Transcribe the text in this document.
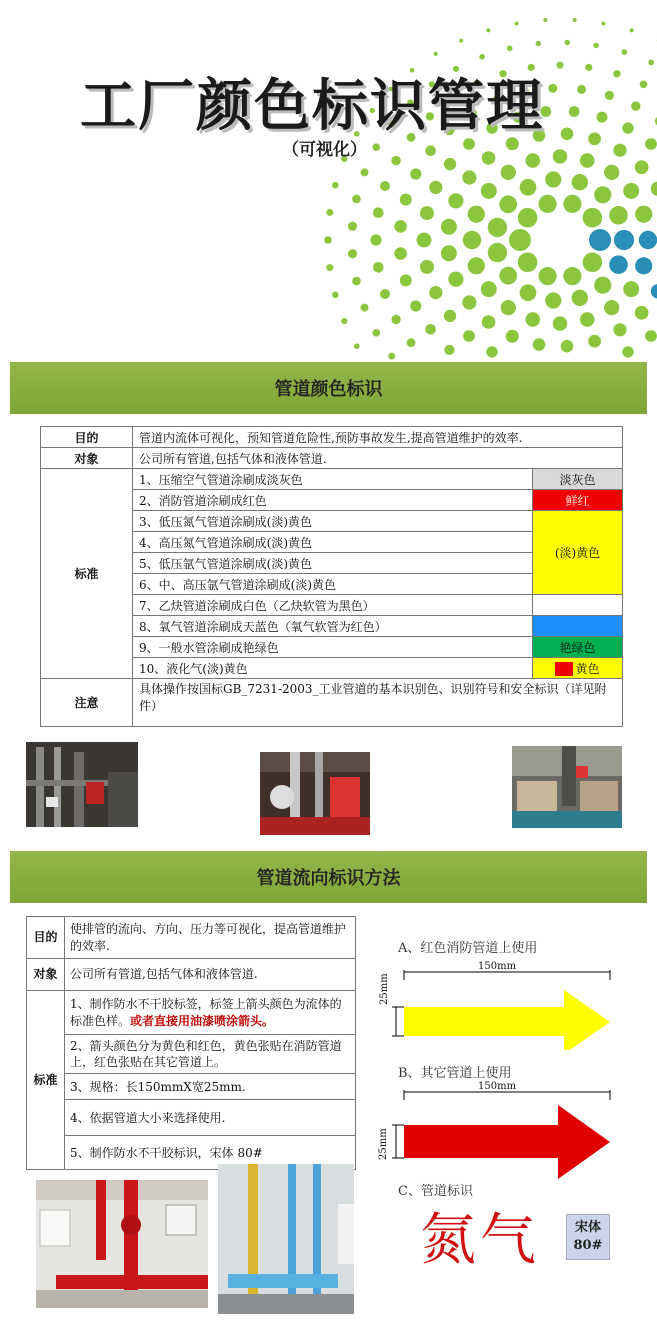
工厂颜色标识管理
（可视化）
管道颜色标识
目的	管道内流体可视化，预知管道危险性,预防事故发生,提高管道维护的效率.	
对象	公司所有管道,包括气体和液体管道.	
标准	1、压缩空气管道涂刷成淡灰色	淡灰色
	2、消防管道涂刷成红色	鲜红
	3、低压氮气管道涂刷成(淡)黄色	(淡)黄色
	4、高压氮气管道涂刷成(淡)黄色	
	5、低压氩气管道涂刷成(淡)黄色	
	6、中、高压氩气管道涂刷成(淡)黄色	
	7、乙炔管道涂刷成白色（乙炔软管为黑色）	
	8、氧气管道涂刷成天蓝色（氧气软管为红色）	
	9、一般水管涂刷成艳绿色	艳绿色
	10、液化气(淡)黄色	黄色
注意	具体操作按国标GB_7231-2003_工业管道的基本识别色、识别符号和安全标识（详见附件）	
管道流向标识方法
目的	使排管的流向、方向、压力等可视化，提高管道维护的效率.
对象	公司所有管道,包括气体和液体管道.
标准	1、制作防水不干胶标签，标签上箭头颜色为流体的标准色样。或者直接用油漆喷涂箭头。
	2、箭头颜色分为黄色和红色，黄色张贴在消防管道上，红色张贴在其它管道上。
	3、规格：长150mmX宽25mm.
	4、依据管道大小来选择使用.
	5、制作防水不干胶标识，宋体 80#
A、红色消防管道上使用
150mm
25mm
B、其它管道上使用
150mm
25mm
C、管道标识
氮气	宋体
80#
